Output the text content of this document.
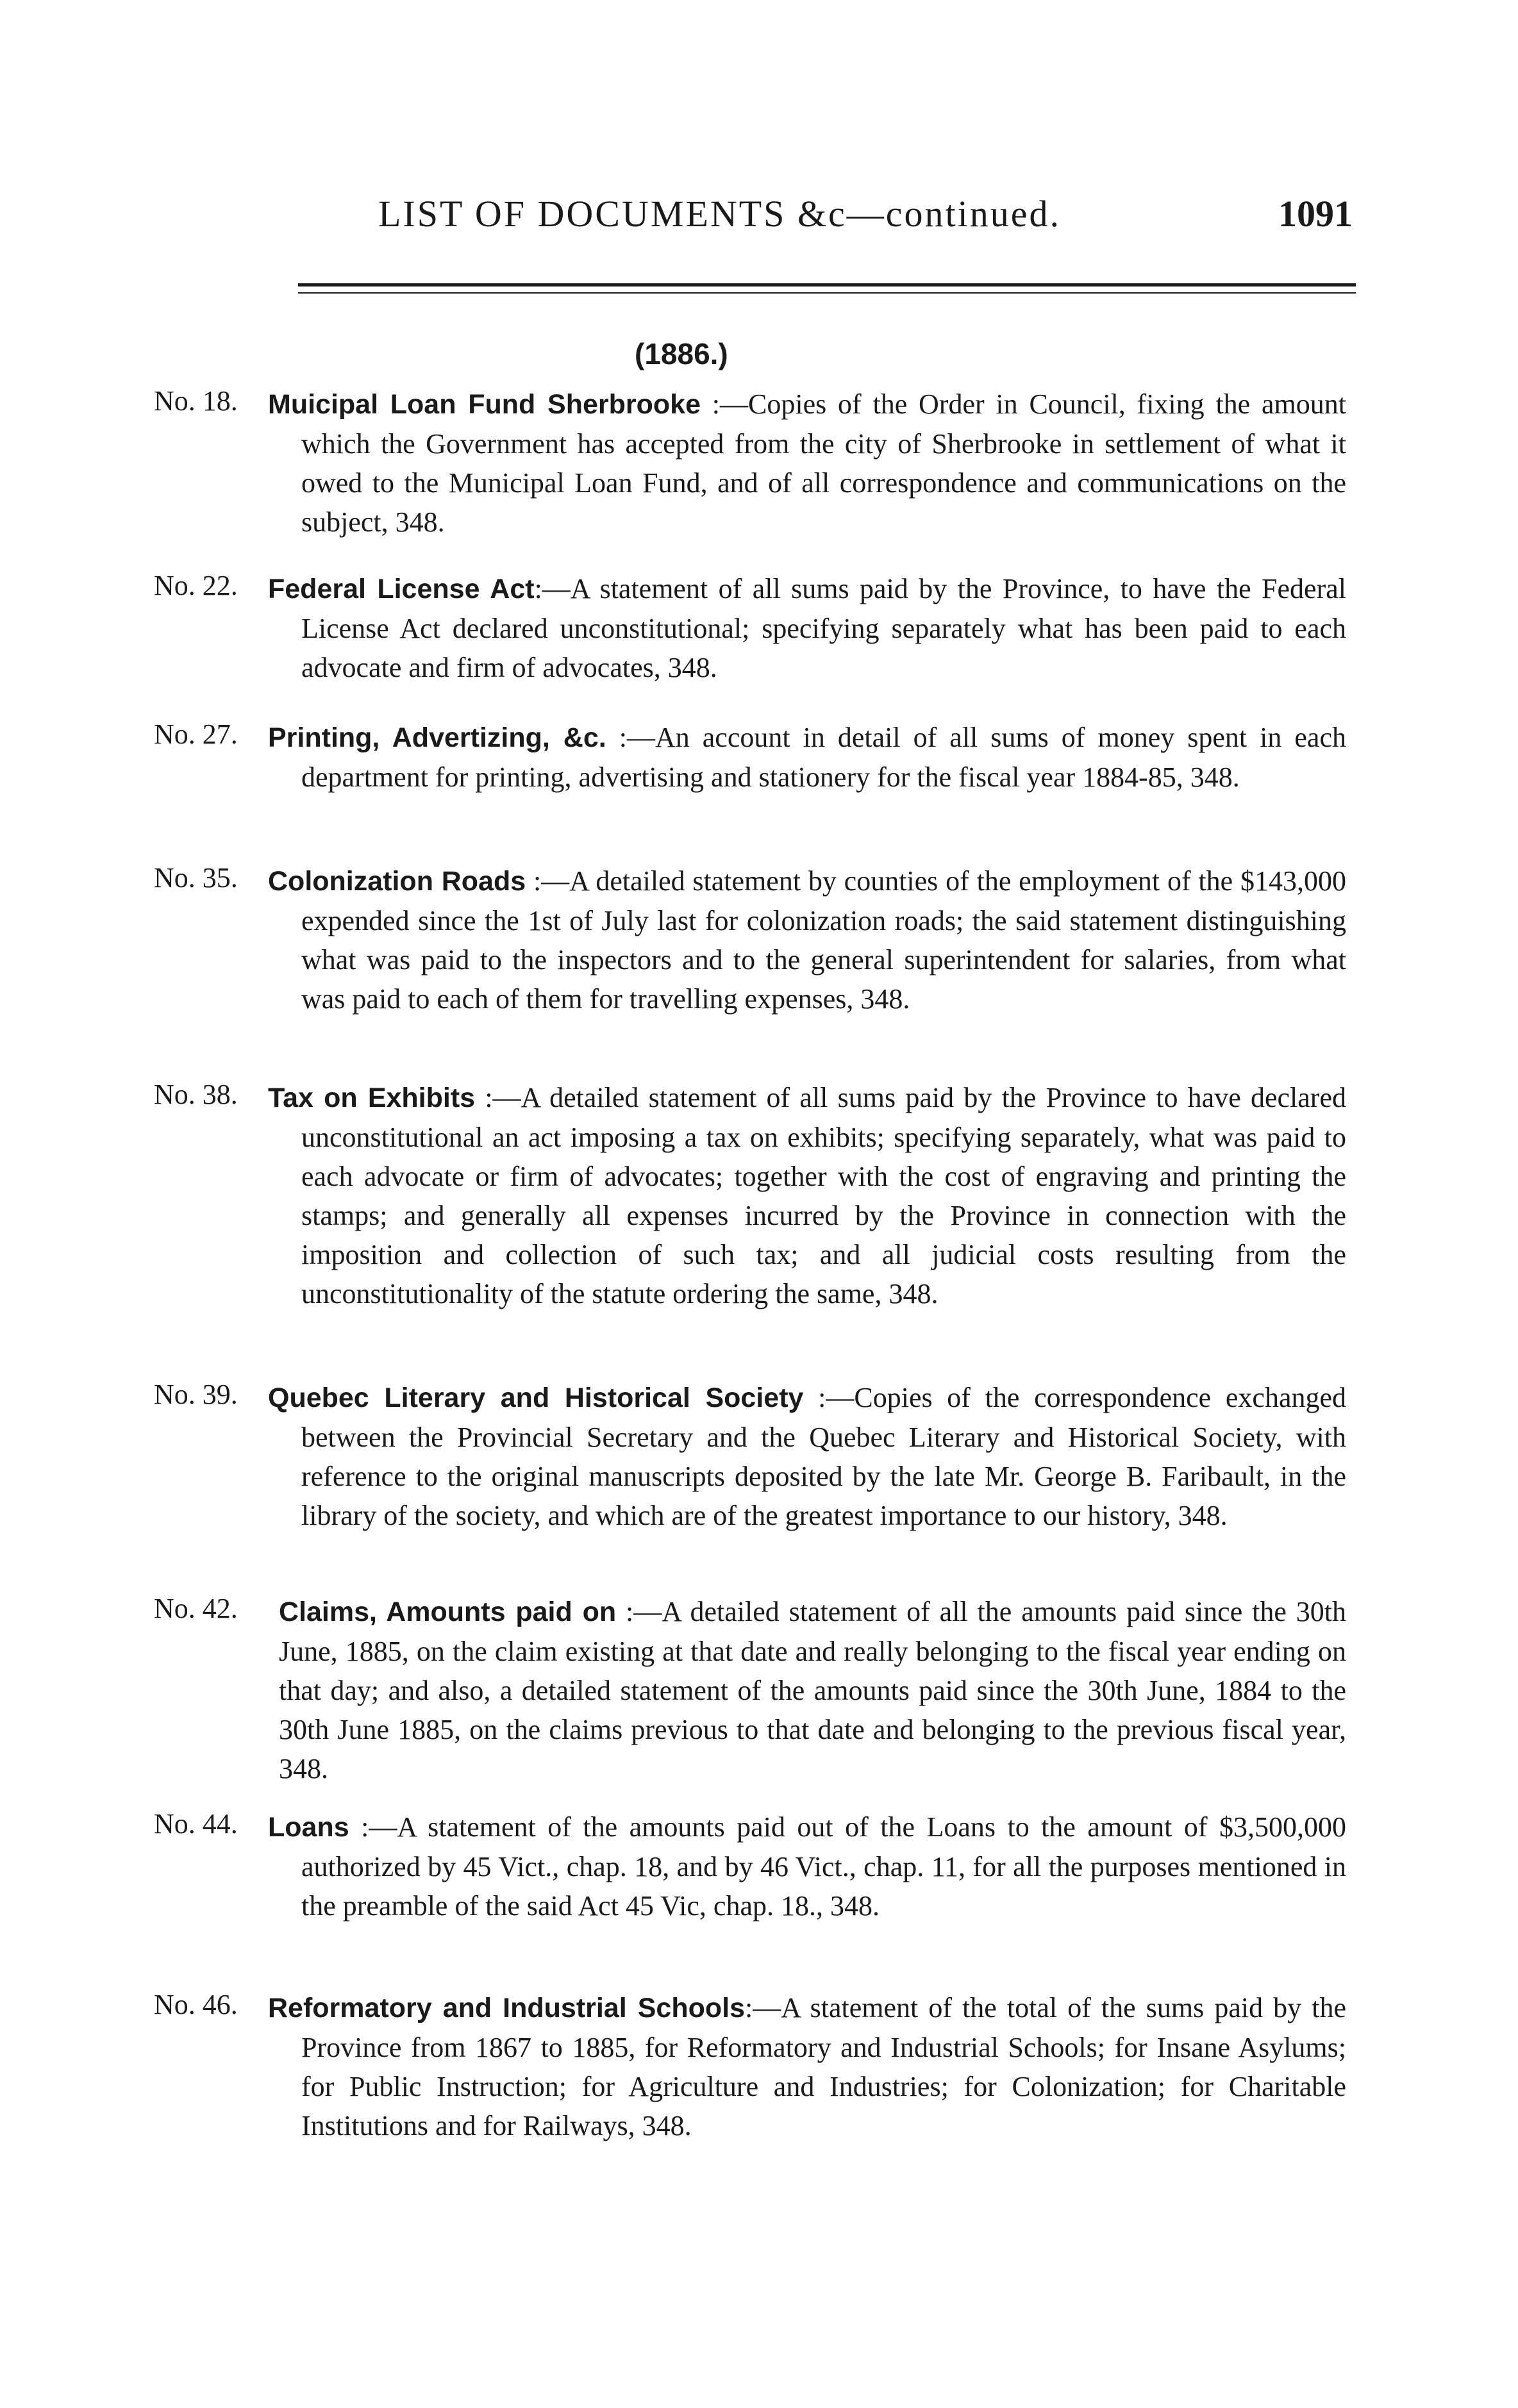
LIST OF DOCUMENTS &c—continued.	1091
(1886.)
No. 18. Muicipal Loan Fund Sherbrooke :—Copies of the Order in Council, fixing the amount which the Government has accepted from the city of Sherbrooke in settlement of what it owed to the Municipal Loan Fund, and of all correspondence and communications on the subject, 348.
No. 22. Federal License Act:—A statement of all sums paid by the Province, to have the Federal License Act declared unconstitutional; specifying separately what has been paid to each advocate and firm of advocates, 348.
No. 27. Printing, Advertizing, &c. :—An account in detail of all sums of money spent in each department for printing, advertising and stationery for the fiscal year 1884-85, 348.
No. 35. Colonization Roads :—A detailed statement by counties of the employment of the $143,000 expended since the 1st of July last for colonization roads; the said statement distinguishing what was paid to the inspectors and to the general superintendent for salaries, from what was paid to each of them for travelling expenses, 348.
No. 38. Tax on Exhibits :—A detailed statement of all sums paid by the Province to have declared unconstitutional an act imposing a tax on exhibits; specifying separately, what was paid to each advocate or firm of advocates; together with the cost of engraving and printing the stamps; and generally all expenses incurred by the Province in connection with the imposition and collection of such tax; and all judicial costs resulting from the unconstitutionality of the statute ordering the same, 348.
No. 39. Quebec Literary and Historical Society :—Copies of the correspondence exchanged between the Provincial Secretary and the Quebec Literary and Historical Society, with reference to the original manuscripts deposited by the late Mr. George B. Faribault, in the library of the society, and which are of the greatest importance to our history, 348.
No. 42. Claims, Amounts paid on :—A detailed statement of all the amounts paid since the 30th June, 1885, on the claim existing at that date and really belonging to the fiscal year ending on that day; and also, a detailed statement of the amounts paid since the 30th June, 1884 to the 30th June 1885, on the claims previous to that date and belonging to the previous fiscal year, 348.
No. 44. Loans :—A statement of the amounts paid out of the Loans to the amount of $3,500,000 authorized by 45 Vict., chap. 18, and by 46 Vict., chap. 11, for all the purposes mentioned in the preamble of the said Act 45 Vic, chap. 18., 348.
No. 46. Reformatory and Industrial Schools:—A statement of the total of the sums paid by the Province from 1867 to 1885, for Reformatory and Industrial Schools; for Insane Asylums; for Public Instruction; for Agriculture and Industries; for Colonization; for Charitable Institutions and for Railways, 348.
